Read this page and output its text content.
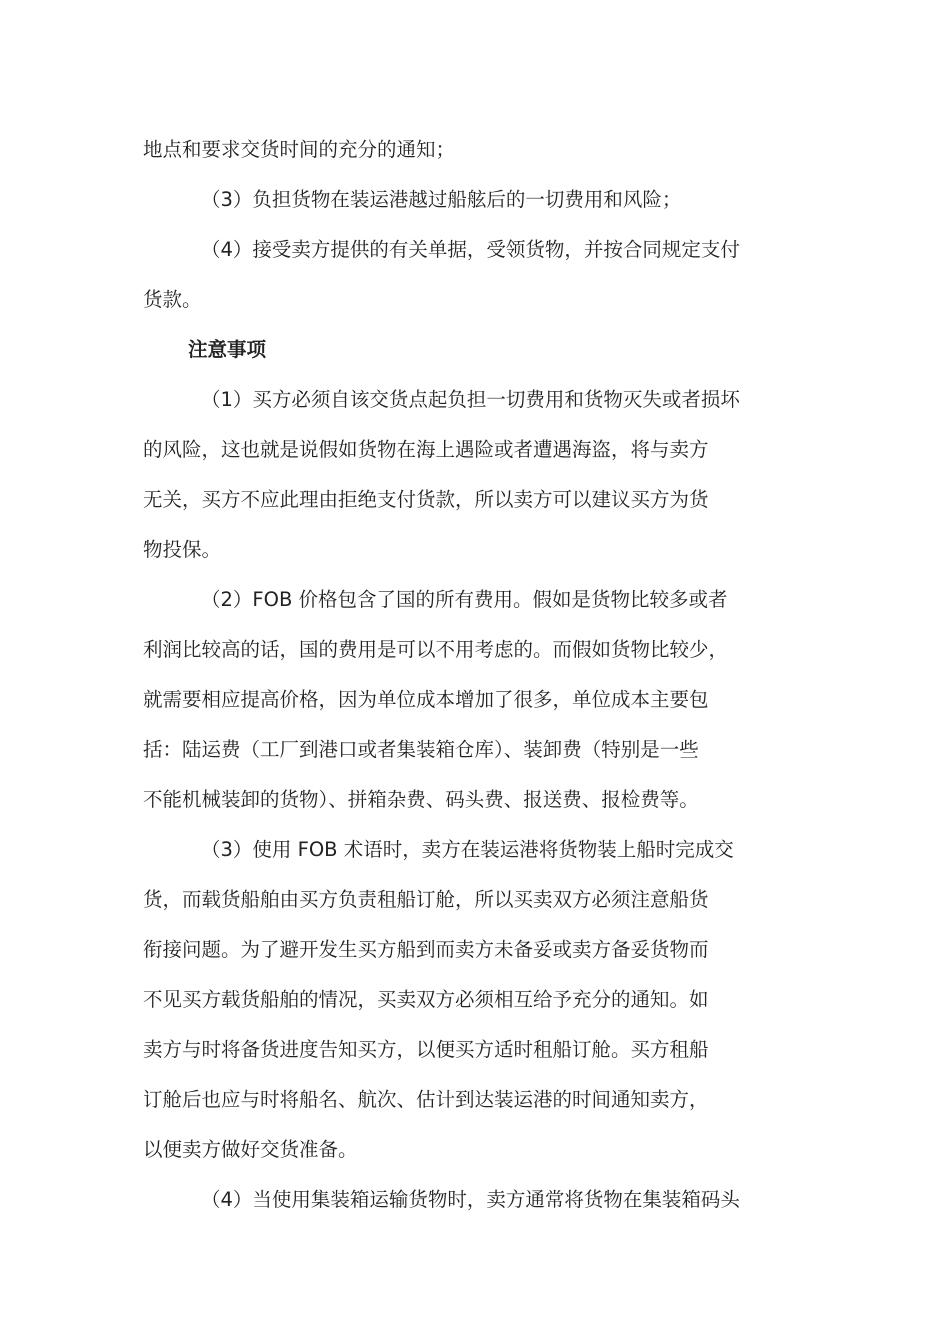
地点和要求交货时间的充分的通知；
（3）负担货物在装运港越过船舷后的一切费用和风险；
（4）接受卖方提供的有关单据，受领货物，并按合同规定支付
货款。
注意事项
（1）买方必须自该交货点起负担一切费用和货物灭失或者损坏
的风险，这也就是说假如货物在海上遇险或者遭遇海盗，将与卖方
无关，买方不应此理由拒绝支付货款，所以卖方可以建议买方为货
物投保。
（2）FOB 价格包含了国的所有费用。假如是货物比较多或者
利润比较高的话，国的费用是可以不用考虑的。而假如货物比较少，
就需要相应提高价格，因为单位成本增加了很多，单位成本主要包
括：陆运费（工厂到港口或者集装箱仓库）、装卸费（特别是一些
不能机械装卸的货物）、拼箱杂费、码头费、报送费、报检费等。
（3）使用 FOB 术语时，卖方在装运港将货物装上船时完成交
货，而载货船舶由买方负责租船订舱，所以买卖双方必须注意船货
衔接问题。为了避开发生买方船到而卖方未备妥或卖方备妥货物而
不见买方载货船舶的情况，买卖双方必须相互给予充分的通知。如
卖方与时将备货进度告知买方，以便买方适时租船订舱。买方租船
订舱后也应与时将船名、航次、估计到达装运港的时间通知卖方，
以便卖方做好交货准备。
（4）当使用集装箱运输货物时，卖方通常将货物在集装箱码头
